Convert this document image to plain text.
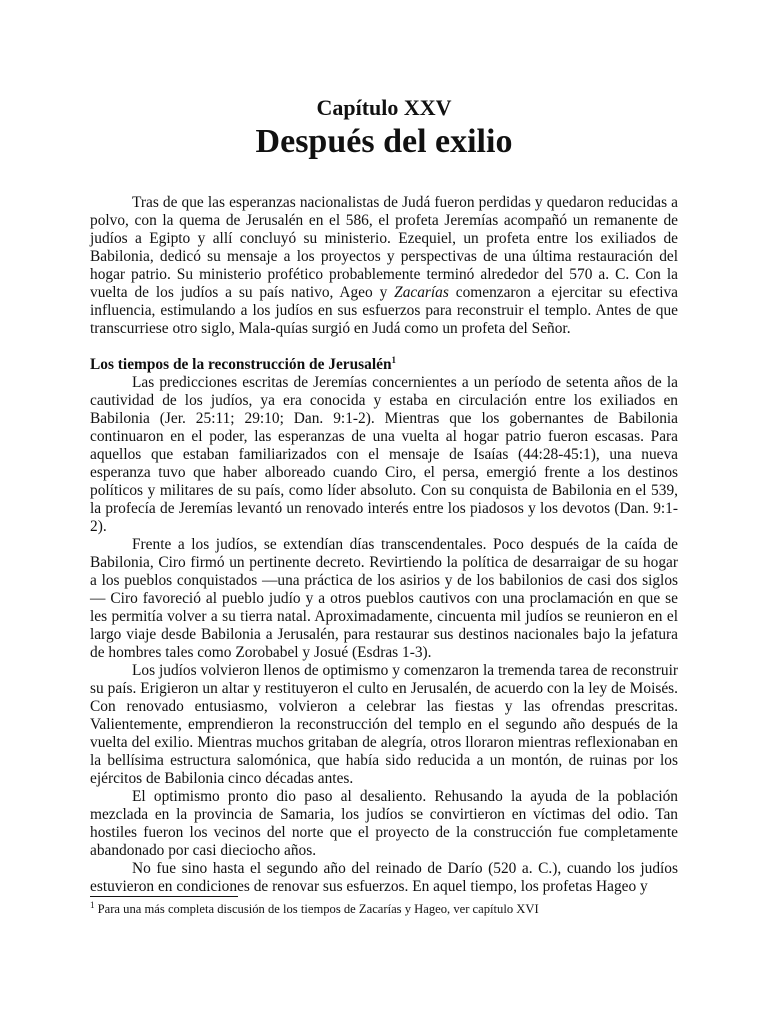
Capítulo XXV
Después del exilio

Tras de que las esperanzas nacionalistas de Judá fueron perdidas y quedaron reducidas a polvo, con la quema de Jerusalén en el 586, el profeta Jeremías acompañó un remanente de judíos a Egipto y allí concluyó su ministerio. Ezequiel, un profeta entre los exiliados de Babilonia, dedicó su mensaje a los proyectos y perspectivas de una última restauración del hogar patrio. Su ministerio profético probablemente terminó alrededor del 570 a. C. Con la vuelta de los judíos a su país nativo, Ageo y Zacarías comenzaron a ejercitar su efectiva influencia, estimulando a los judíos en sus esfuerzos para reconstruir el templo. Antes de que transcurriese otro siglo, Mala-quías surgió en Judá como un profeta del Señor.

Los tiempos de la reconstrucción de Jerusalén$^1$

Las predicciones escritas de Jeremías concernientes a un período de setenta años de la cautividad de los judíos, ya era conocida y estaba en circulación entre los exiliados en Babilonia (Jer. 25:11; 29:10; Dan. 9:1-2). Mientras que los gobernantes de Babilonia continuaron en el poder, las esperanzas de una vuelta al hogar patrio fueron escasas. Para aquellos que estaban familiarizados con el mensaje de Isaías (44:28-45:1), una nueva esperanza tuvo que haber alboreado cuando Ciro, el persa, emergió frente a los destinos políticos y militares de su país, como líder absoluto. Con su conquista de Babilonia en el 539, la profecía de Jeremías levantó un renovado interés entre los piadosos y los devotos (Dan. 9:1-2).

Frente a los judíos, se extendían días transcendentales. Poco después de la caída de Babilonia, Ciro firmó un pertinente decreto. Revirtiendo la política de desarraigar de su hogar a los pueblos conquistados —una práctica de los asirios y de los babilonios de casi dos siglos— Ciro favoreció al pueblo judío y a otros pueblos cautivos con una proclamación en que se les permitía volver a su tierra natal. Aproximadamente, cincuenta mil judíos se reunieron en el largo viaje desde Babilonia a Jerusalén, para restaurar sus destinos nacionales bajo la jefatura de hombres tales como Zorobabel y Josué (Esdras 1-3).

Los judíos volvieron llenos de optimismo y comenzaron la tremenda tarea de reconstruir su país. Erigieron un altar y restituyeron el culto en Jerusalén, de acuerdo con la ley de Moisés. Con renovado entusiasmo, volvieron a celebrar las fiestas y las ofrendas prescritas. Valientemente, emprendieron la reconstrucción del templo en el segundo año después de la vuelta del exilio. Mientras muchos gritaban de alegría, otros lloraron mientras reflexionaban en la bellísima estructura salomónica, que había sido reducida a un montón, de ruinas por los ejércitos de Babilonia cinco décadas antes.

El optimismo pronto dio paso al desaliento. Rehusando la ayuda de la población mezclada en la provincia de Samaria, los judíos se convirtieron en víctimas del odio. Tan hostiles fueron los vecinos del norte que el proyecto de la construcción fue completamente abandonado por casi dieciocho años.

No fue sino hasta el segundo año del reinado de Darío (520 a. C.), cuando los judíos estuvieron en condiciones de renovar sus esfuerzos. En aquel tiempo, los profetas Hageo y

$^1$ Para una más completa discusión de los tiempos de Zacarías y Hageo, ver capítulo XVI
